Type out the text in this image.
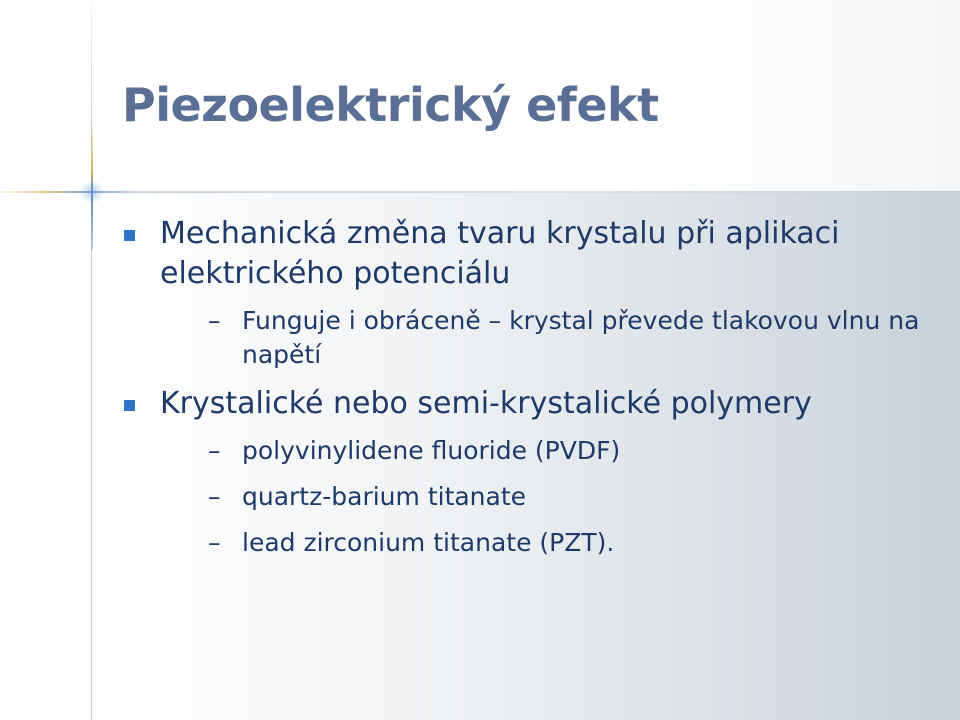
Piezoelektrický efekt
Mechanická změna tvaru krystalu při aplikaci elektrického potenciálu
– Funguje i obráceně – krystal převede tlakovou vlnu na napětí
Krystalické nebo semi-krystalické polymery
– polyvinylidene fluoride (PVDF)
– quartz-barium titanate
– lead zirconium titanate (PZT).
